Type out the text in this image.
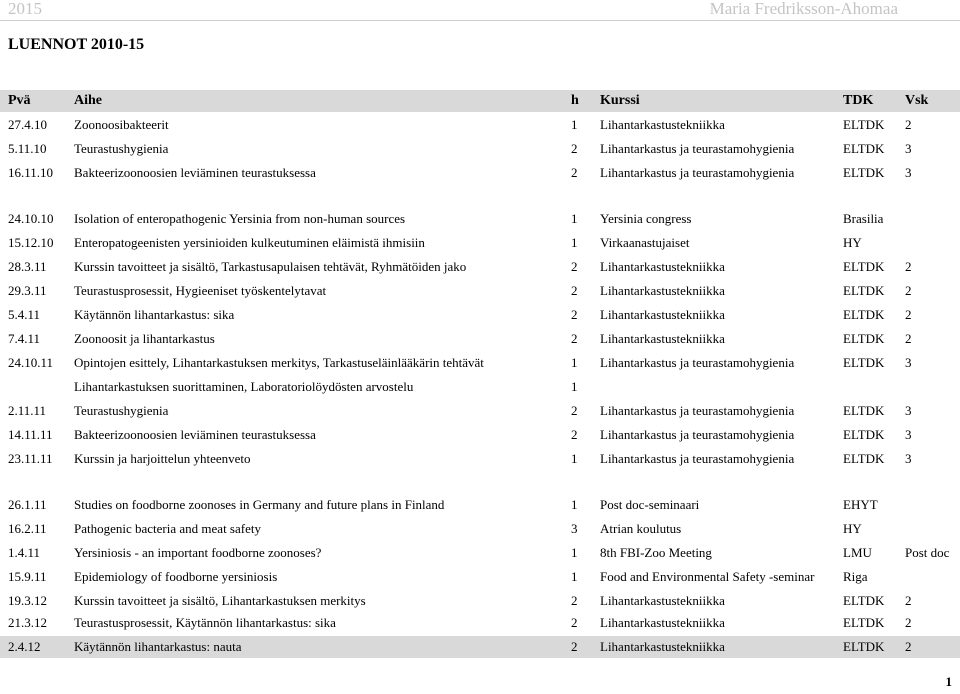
2015	Maria Fredriksson-Ahomaa
LUENNOT 2010-15
Pvä	Aihe	h Kurssi	TDK Vsk
27.4.10 Zoonoosibakteerit	1 Lihantarkastustekniikka	ELTDK 2
5.11.10 Teurastushygienia	2 Lihantarkastus ja teurastamohygienia	ELTDK 3
16.11.10 Bakteerizoonoosien leviäminen teurastuksessa	2 Lihantarkastus ja teurastamohygienia	ELTDK 3
24.10.10 Isolation of enteropathogenic Yersinia from non-human sources	1 Yersinia congress	Brasilia
15.12.10 Enteropatogeenisten yersinioiden kulkeutuminen eläimistä ihmisiin	1 Virkaanastujaiset	HY
28.3.11 Kurssin tavoitteet ja sisältö, Tarkastusapulaisen tehtävät, Ryhmätöiden jako	2 Lihantarkastustekniikka	ELTDK 2
29.3.11 Teurastusprosessit, Hygieeniset työskentelytavat	2 Lihantarkastustekniikka	ELTDK 2
5.4.11	Käytännön lihantarkastus: sika	2 Lihantarkastustekniikka	ELTDK 2
7.4.11	Zoonoosit ja lihantarkastus	2 Lihantarkastustekniikka	ELTDK 2
24.10.11 Opintojen esittely, Lihantarkastuksen merkitys, Tarkastuseläinlääkärin tehtävät	1 Lihantarkastus ja teurastamohygienia	ELTDK 3
Lihantarkastuksen suorittaminen, Laboratoriolöydösten arvostelu	1
2.11.11 Teurastushygienia	2 Lihantarkastus ja teurastamohygienia	ELTDK 3
14.11.11 Bakteerizoonoosien leviäminen teurastuksessa	2 Lihantarkastus ja teurastamohygienia	ELTDK 3
23.11.11 Kurssin ja harjoittelun yhteenveto	1 Lihantarkastus ja teurastamohygienia	ELTDK 3
26.1.11 Studies on foodborne zoonoses in Germany and future plans in Finland	1 Post doc-seminaari	EHYT
16.2.11 Pathogenic bacteria and meat safety	3 Atrian koulutus	HY
1.4.11	Yersiniosis - an important foodborne zoonoses?	1 8th FBI-Zoo Meeting	LMU	Post doc
15.9.11 Epidemiology of foodborne yersiniosis	1 Food and Environmental Safety -seminar Riga
19.3.12 Kurssin tavoitteet ja sisältö, Lihantarkastuksen merkitys	2 Lihantarkastustekniikka	ELTDK 2
21.3.12 Teurastusprosessit, Käytännön lihantarkastus: sika	2 Lihantarkastustekniikka	ELTDK 2
2.4.12	Käytännön lihantarkastus: nauta	2 Lihantarkastustekniikka	ELTDK 2
1
